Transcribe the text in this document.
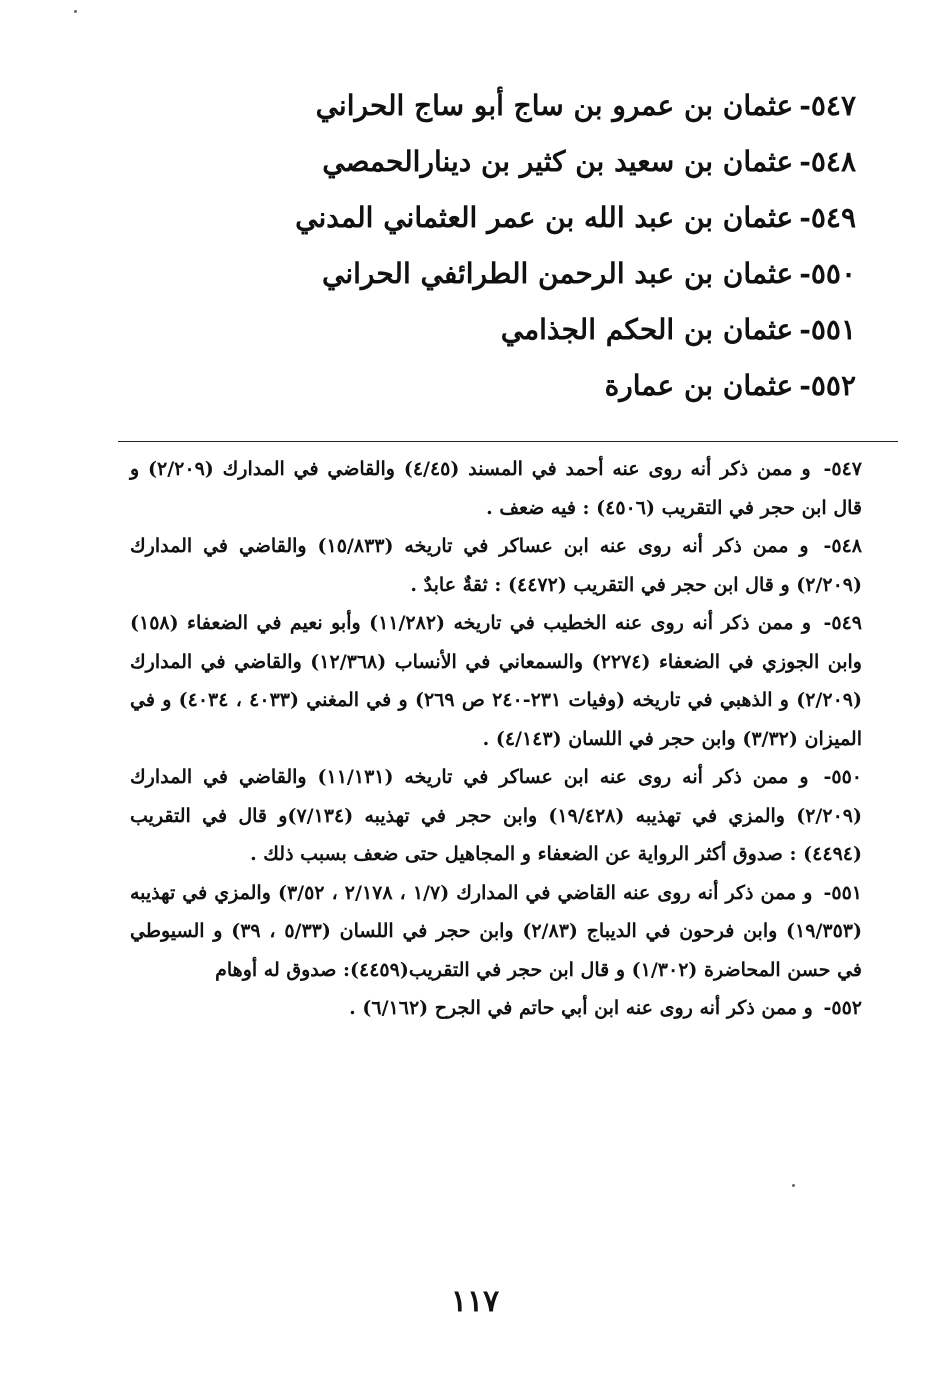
٥٤٧-عثمان بن عمرو بن ساج أبو ساج الحراني
٥٤٨-عثمان بن سعيد بن كثير بن دينارالحمصي
٥٤٩-عثمان بن عبد الله بن عمر العثماني المدني
٥٥٠-عثمان بن عبد الرحمن الطرائفي الحراني
٥٥١-عثمان بن الحكم الجذامي
٥٥٢-عثمان بن عمارة
٥٤٧- و ممن ذكر أنه روى عنه أحمد في المسند (٤/٤٥) والقاضي في المدارك (٢/٢٠٩) و قال ابن حجر في التقريب (٤٥٠٦) : فيه ضعف .
٥٤٨- و ممن ذكر أنه روى عنه ابن عساكر في تاريخه (١٥/٨٣٣) والقاضي في المدارك (٢/٢٠٩) و قال ابن حجر في التقريب (٤٤٧٢) : ثقةٌ عابدٌ .
٥٤٩- و ممن ذكر أنه روى عنه الخطيب في تاريخه (١١/٢٨٢) وأبو نعيم في الضعفاء (١٥٨) وابن الجوزي في الضعفاء (٢٢٧٤) والسمعاني في الأنساب (١٢/٣٦٨) والقاضي في المدارك (٢/٢٠٩) و الذهبي في تاريخه (وفيات ٢٣١-٢٤٠ ص ٢٦٩) و في المغني (٤٠٣٣ ، ٤٠٣٤) و في الميزان (٣/٣٢) وابن حجر في اللسان (٤/١٤٣) .
٥٥٠- و ممن ذكر أنه روى عنه ابن عساكر في تاريخه (١١/١٣١) والقاضي في المدارك (٢/٢٠٩) والمزي في تهذيبه (١٩/٤٢٨) وابن حجر في تهذيبه (٧/١٣٤)و قال في التقريب (٤٤٩٤) : صدوق أكثر الرواية عن الضعفاء و المجاهيل حتى ضعف بسبب ذلك .
٥٥١- و ممن ذكر أنه روى عنه القاضي في المدارك (١/٧ ، ٢/١٧٨ ، ٣/٥٢) والمزي في تهذيبه (١٩/٣٥٣) وابن فرحون في الديباج (٢/٨٣) وابن حجر في اللسان (٥/٣٣ ، ٣٩) و السيوطي في حسن المحاضرة (١/٣٠٢) و قال ابن حجر في التقريب(٤٤٥٩): صدوق له أوهام
٥٥٢- و ممن ذكر أنه روى عنه ابن أبي حاتم في الجرح (٦/١٦٢) .
١١٧
